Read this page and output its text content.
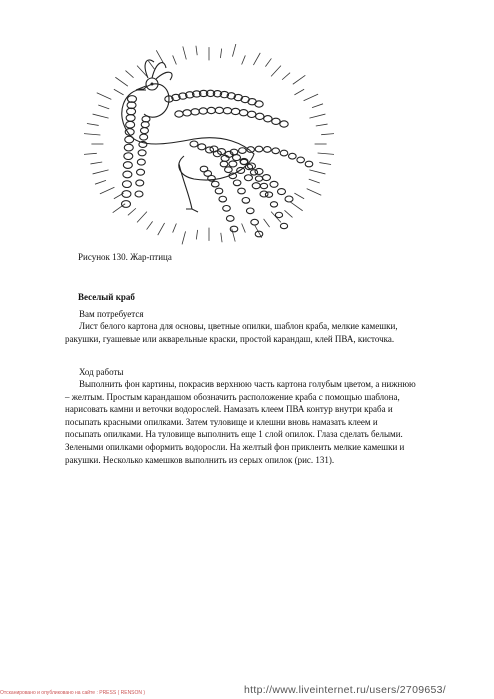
Рисунок 130. Жар-птица
Веселый краб
Вам потребуется
Лист белого картона для основы, цветные опилки, шаблон краба, мелкие камешки,
ракушки, гуашевые или акварельные краски, простой карандаш, клей ПВА, кисточка.
Ход работы
Выполнить фон картины, покрасив верхнюю часть картона голубым цветом, а нижнюю
– желтым. Простым карандашом обозначить расположение краба с помощью шаблона,
нарисовать камни и веточки водорослей. Намазать клеем ПВА контур внутри краба и
посыпать красными опилками. Затем туловище и клешни вновь намазать клеем и
посыпать опилками. На туловище выполнить еще 1 слой опилок. Глаза сделать белыми.
Зелеными опилками оформить водоросли. На желтый фон приклеить мелкие камешки и
ракушки. Несколько камешков выполнить из серых опилок (рис. 131).
Отсканировано и опубликовано на сайте : PRESS ( RENSON )	http://www.liveinternet.ru/users/2709653/
